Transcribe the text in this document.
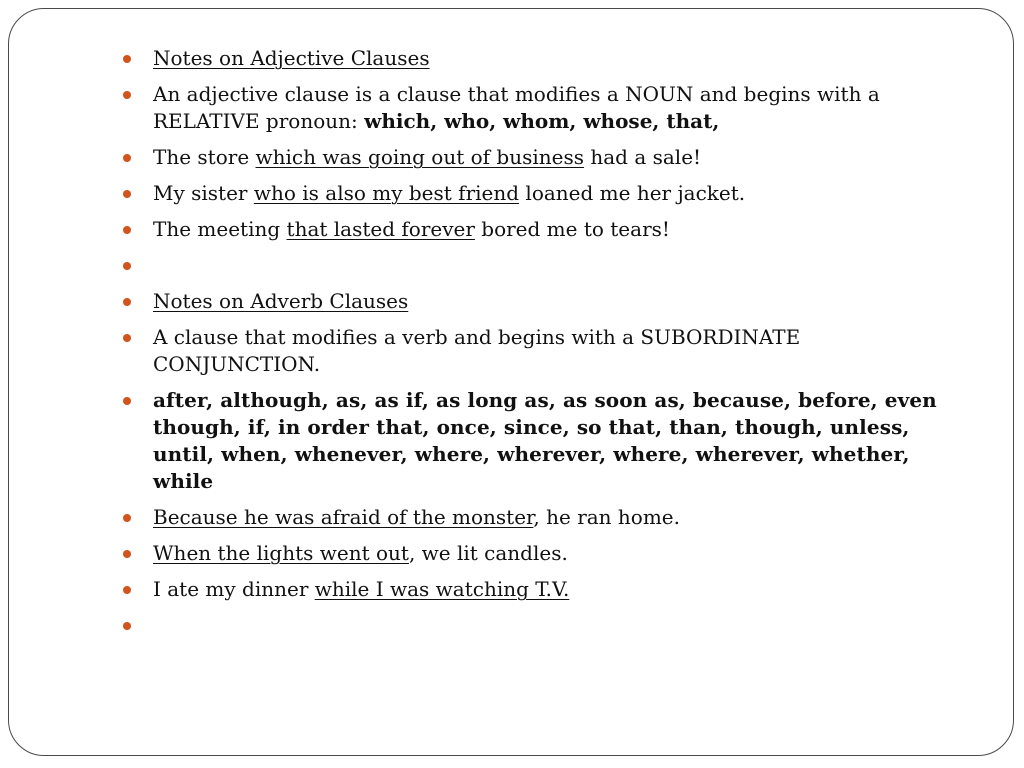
Notes on Adjective Clauses
An adjective clause is a clause that modifies a NOUN and begins with a RELATIVE pronoun: which, who, whom, whose, that,
The store which was going out of business had a sale!
My sister who is also my best friend loaned me her jacket.
The meeting that lasted forever bored me to tears!
Notes on Adverb Clauses
A clause that modifies a verb and begins with a SUBORDINATE CONJUNCTION.
after, although, as, as if, as long as, as soon as, because, before, even though, if, in order that, once, since, so that, than, though, unless, until, when, whenever, where, wherever, where, wherever, whether, while
Because he was afraid of the monster, he ran home.
When the lights went out, we lit candles.
I ate my dinner while I was watching T.V.
